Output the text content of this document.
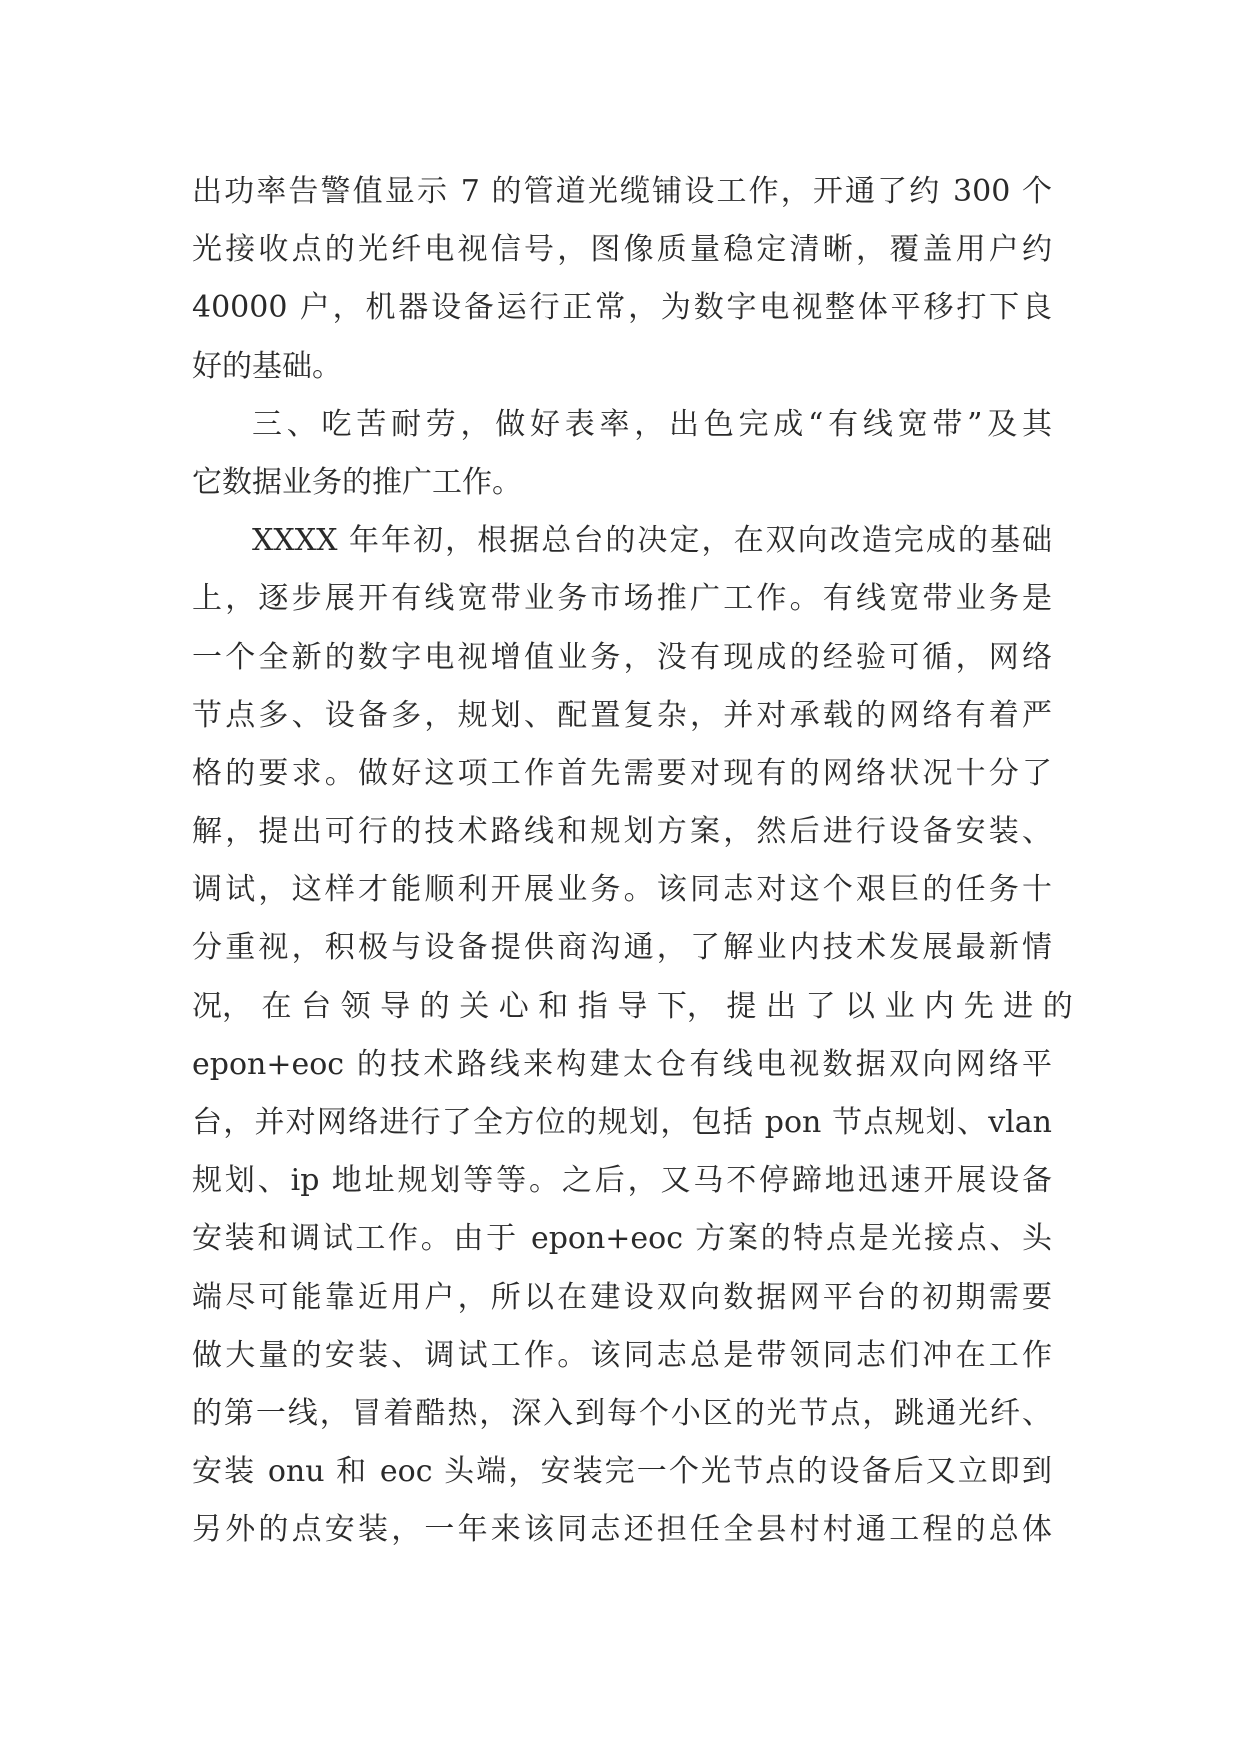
出功率告警值显示 7 的管道光缆铺设工作，开通了约 300 个
光接收点的光纤电视信号，图像质量稳定清晰，覆盖用户约
40000 户，机器设备运行正常，为数字电视整体平移打下良
好的基础。
三、吃苦耐劳，做好表率，出色完成“有线宽带”及其
它数据业务的推广工作。
XXXX 年年初，根据总台的决定，在双向改造完成的基础
上，逐步展开有线宽带业务市场推广工作。有线宽带业务是
一个全新的数字电视增值业务，没有现成的经验可循，网络
节点多、设备多，规划、配置复杂，并对承载的网络有着严
格的要求。做好这项工作首先需要对现有的网络状况十分了
解，提出可行的技术路线和规划方案，然后进行设备安装、
调试，这样才能顺利开展业务。该同志对这个艰巨的任务十
分重视，积极与设备提供商沟通，了解业内技术发展最新情
况， 在 台 领 导 的 关 心 和 指 导 下， 提 出 了 以 业 内 先 进 的
epon+eoc 的技术路线来构建太仓有线电视数据双向网络平
台，并对网络进行了全方位的规划，包括 pon 节点规划、vlan
规划、ip 地址规划等等。之后，又马不停蹄地迅速开展设备
安装和调试工作。由于 epon+eoc 方案的特点是光接点、头
端尽可能靠近用户，所以在建设双向数据网平台的初期需要
做大量的安装、调试工作。该同志总是带领同志们冲在工作
的第一线，冒着酷热，深入到每个小区的光节点，跳通光纤、
安装 onu 和 eoc 头端，安装完一个光节点的设备后又立即到
另外的点安装，一年来该同志还担任全县村村通工程的总体
